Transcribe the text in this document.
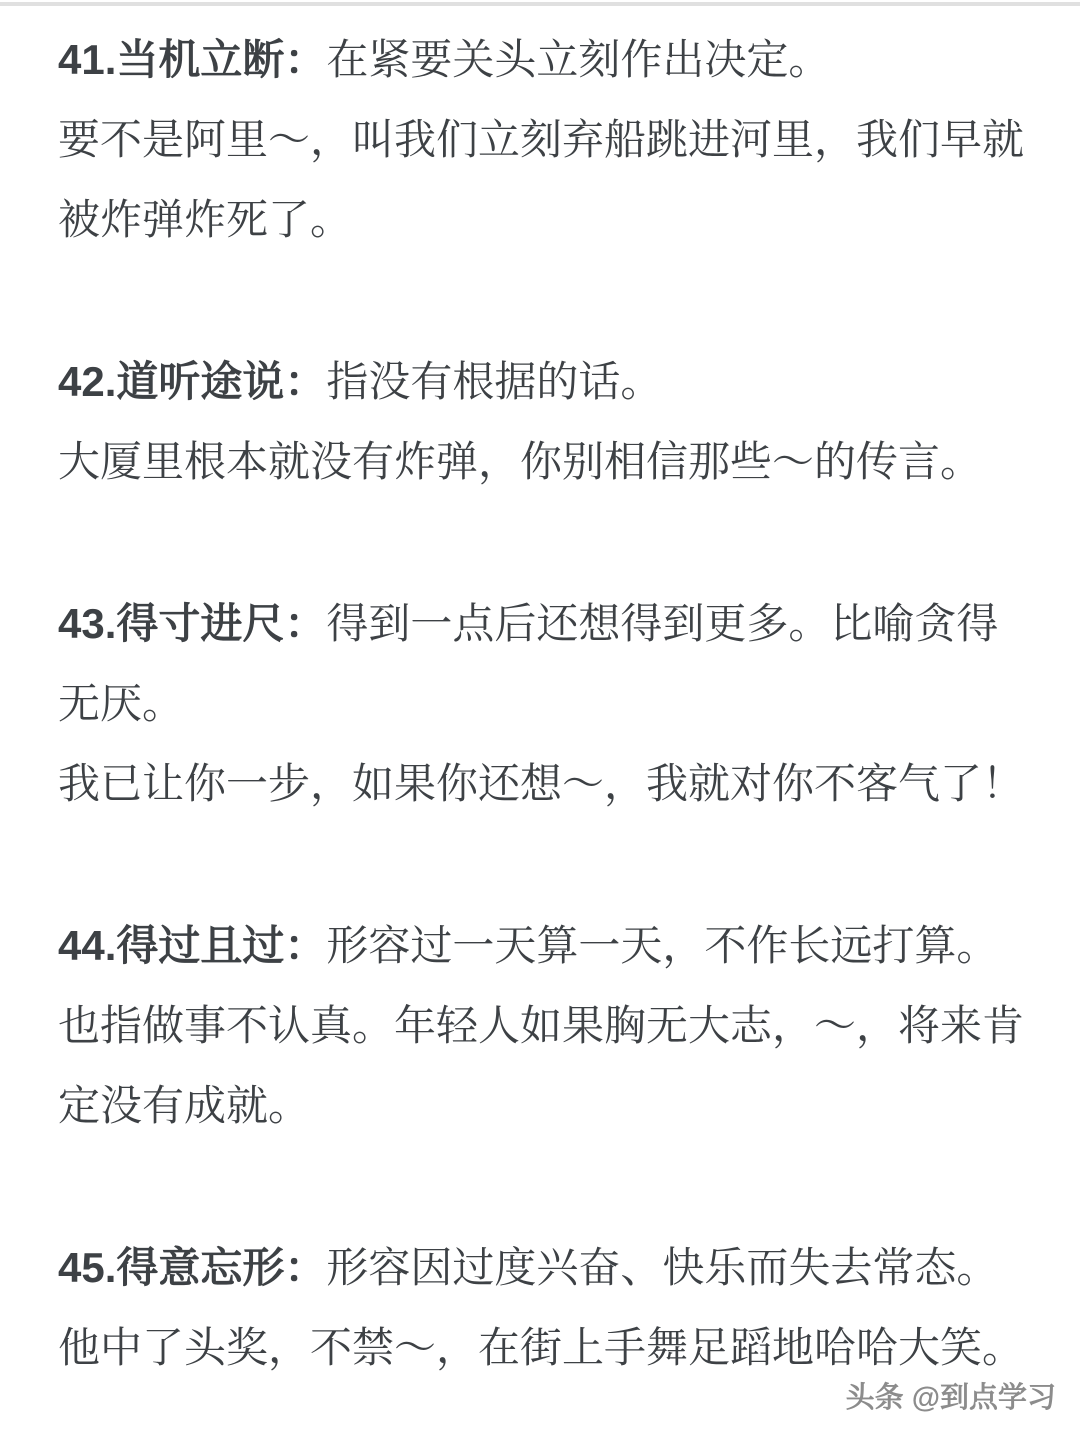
41.当机立断：在紧要关头立刻作出决定。
要不是阿里～，叫我们立刻弃船跳进河里，我们早就
被炸弹炸死了。
42.道听途说：指没有根据的话。
大厦里根本就没有炸弹，你别相信那些～的传言。
43.得寸进尺：得到一点后还想得到更多。比喻贪得
无厌。
我已让你一步，如果你还想～，我就对你不客气了！
44.得过且过：形容过一天算一天，不作长远打算。
也指做事不认真。年轻人如果胸无大志，～，将来肯
定没有成就。
45.得意忘形：形容因过度兴奋、快乐而失去常态。
他中了头奖，不禁～，在街上手舞足蹈地哈哈大笑。
头条 @到点学习
